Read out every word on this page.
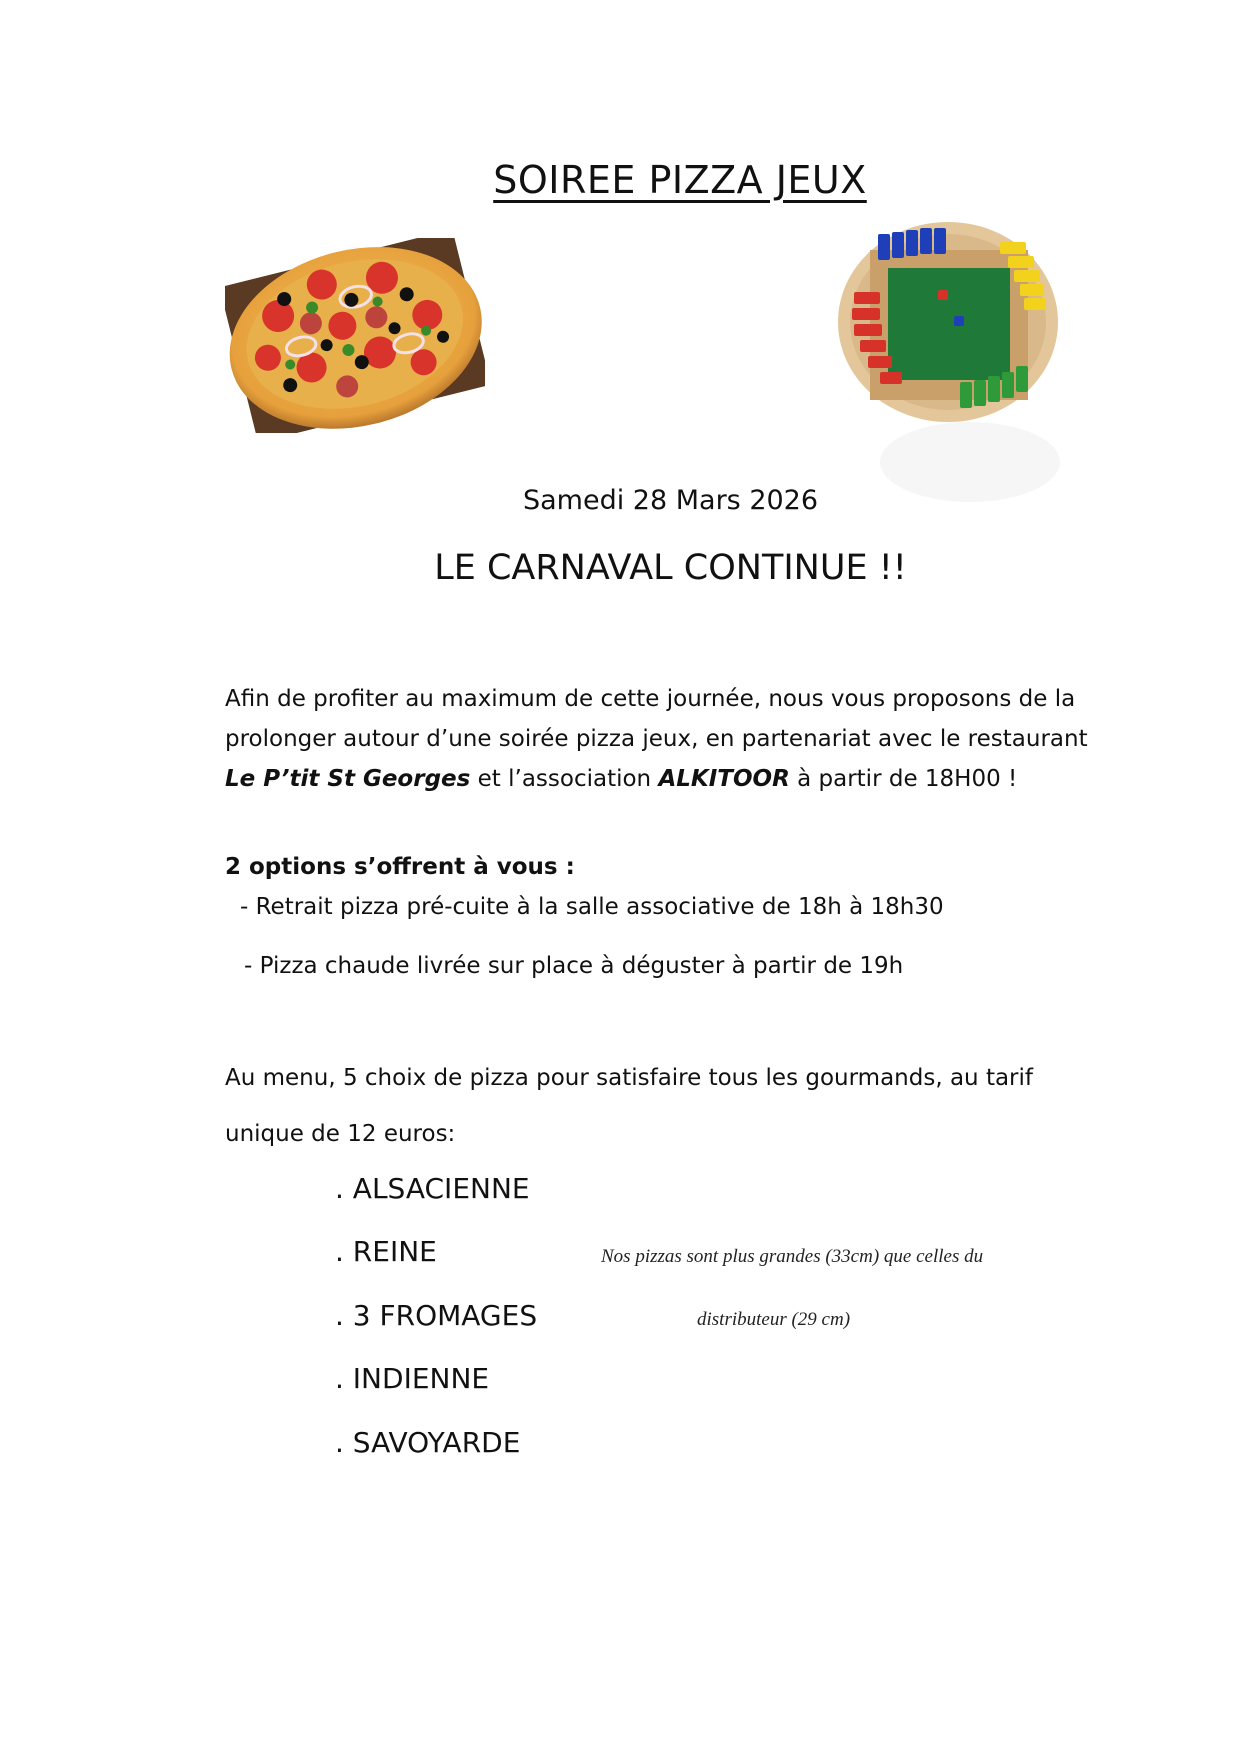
SOIREE PIZZA JEUX
Samedi 28 Mars 2026
LE CARNAVAL CONTINUE !!
Afin de profiter au maximum de cette journée, nous vous proposons de la
prolonger autour d’une soirée pizza jeux, en partenariat avec le restaurant
Le P’tit St Georges et l’association ALKITOOR à partir de 18H00 !
2 options s’offrent à vous :
- Retrait pizza pré-cuite à la salle associative de 18h à 18h30
- Pizza chaude livrée sur place à déguster à partir de 19h
Au menu, 5 choix de pizza pour satisfaire tous les gourmands, au tarif
unique de 12 euros:
. ALSACIENNE
. REINE
. 3 FROMAGES
. INDIENNE
. SAVOYARDE
Nos pizzas sont plus grandes (33cm) que celles du
distributeur (29 cm)
